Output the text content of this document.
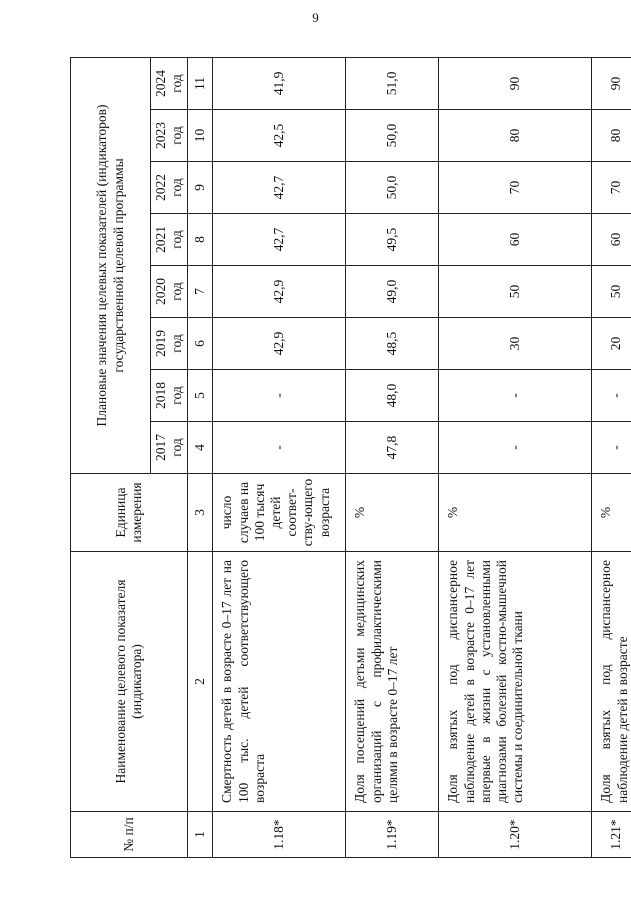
9
№ п/п	Наименование целевого показателя (индикатора)	Единица измерения	Плановые значения целевых показателей (индикаторов) государственной целевой программы							
			2017 год	2018 год	2019 год	2020 год	2021 год	2022 год	2023 год	2024 год
1	2	3	4	5	6	7	8	9	10	11
1.18*	Смертность детей в возрасте 0–17 лет на 100 тыс. детей соответствующего возраста	число случаев на 100 тысяч детей соответ-ству-ющего возраста	-	-	42,9	42,9	42,7	42,7	42,5	41,9
1.19*	Доля посещений детьми медицинских организаций с профилактическими целями в возрасте 0–17 лет	%	47,8	48,0	48,5	49,0	49,5	50,0	50,0	51,0
1.20*	Доля взятых под диспансерное наблюдение детей в возрасте 0–17 лет впервые в жизни с установленными диагнозами болезней костно-мышечной системы и соединительной ткани	%	-	-	30	50	60	70	80	90
1.21*	Доля взятых под диспансерное наблюдение детей в возрасте	%	-	-	20	50	60	70	80	90
